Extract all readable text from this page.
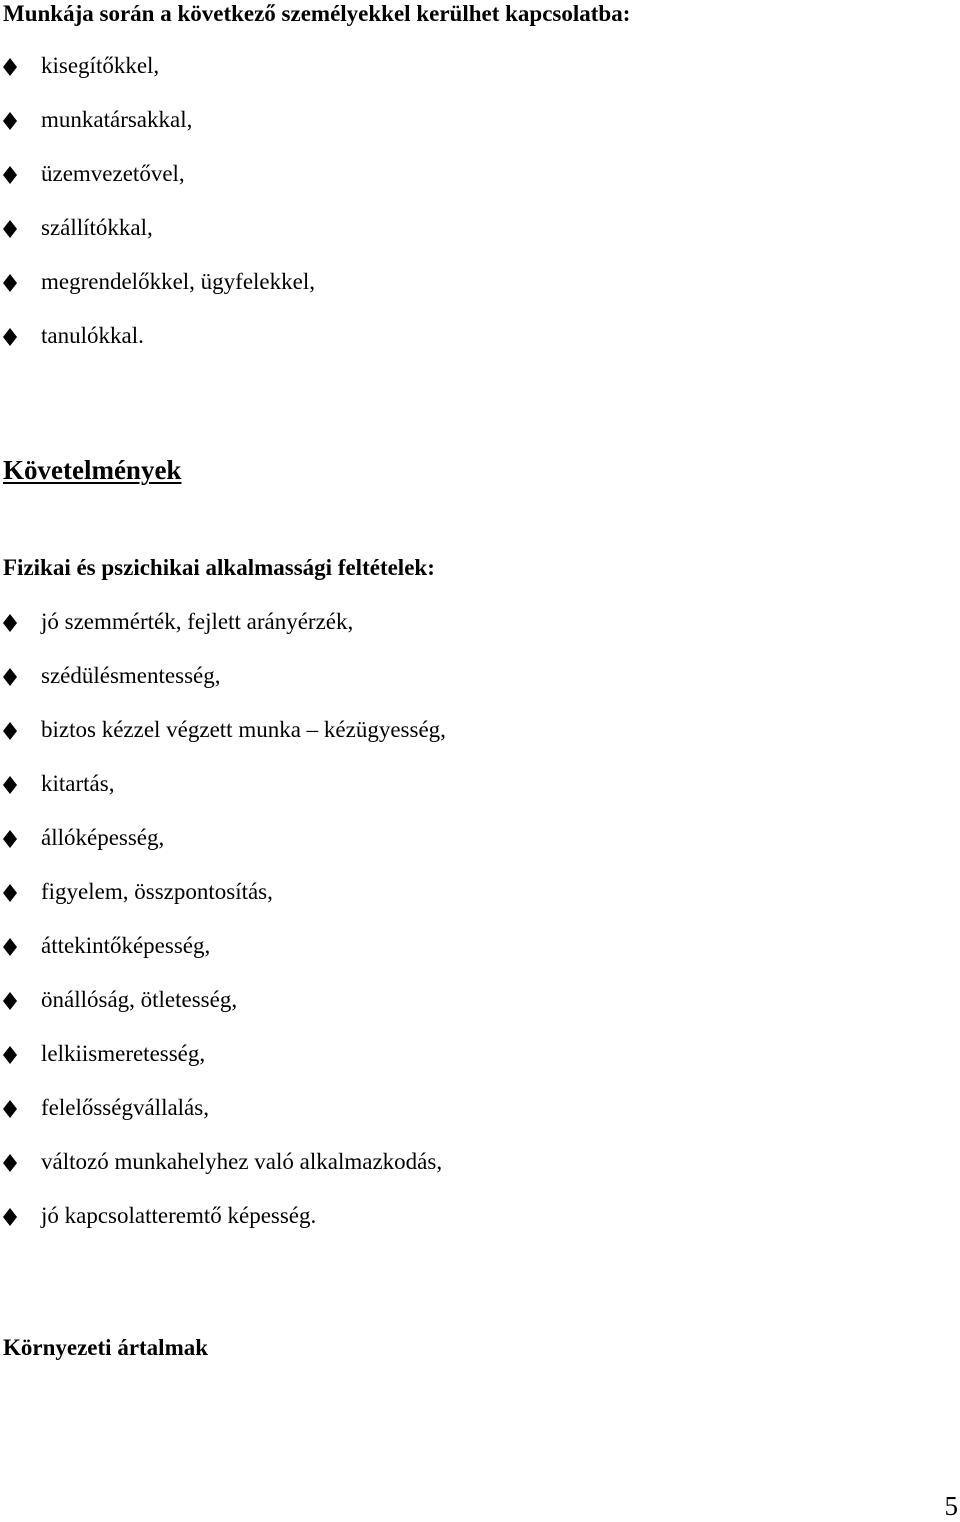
Munkája során a következő személyekkel kerülhet kapcsolatba:
kisegítőkkel,
munkatársakkal,
üzemvezetővel,
szállítókkal,
megrendelőkkel, ügyfelekkel,
tanulókkal.
Követelmények
Fizikai és pszichikai alkalmassági feltételek:
jó szemmérték, fejlett arányérzék,
szédülésmentesség,
biztos kézzel végzett munka – kézügyesség,
kitartás,
állóképesség,
figyelem, összpontosítás,
áttekintőképesség,
önállóság, ötletesség,
lelkiismeretesség,
felelősségvállalás,
változó munkahelyhez való alkalmazkodás,
jó kapcsolatteremtő képesség.
Környezeti ártalmak
5
